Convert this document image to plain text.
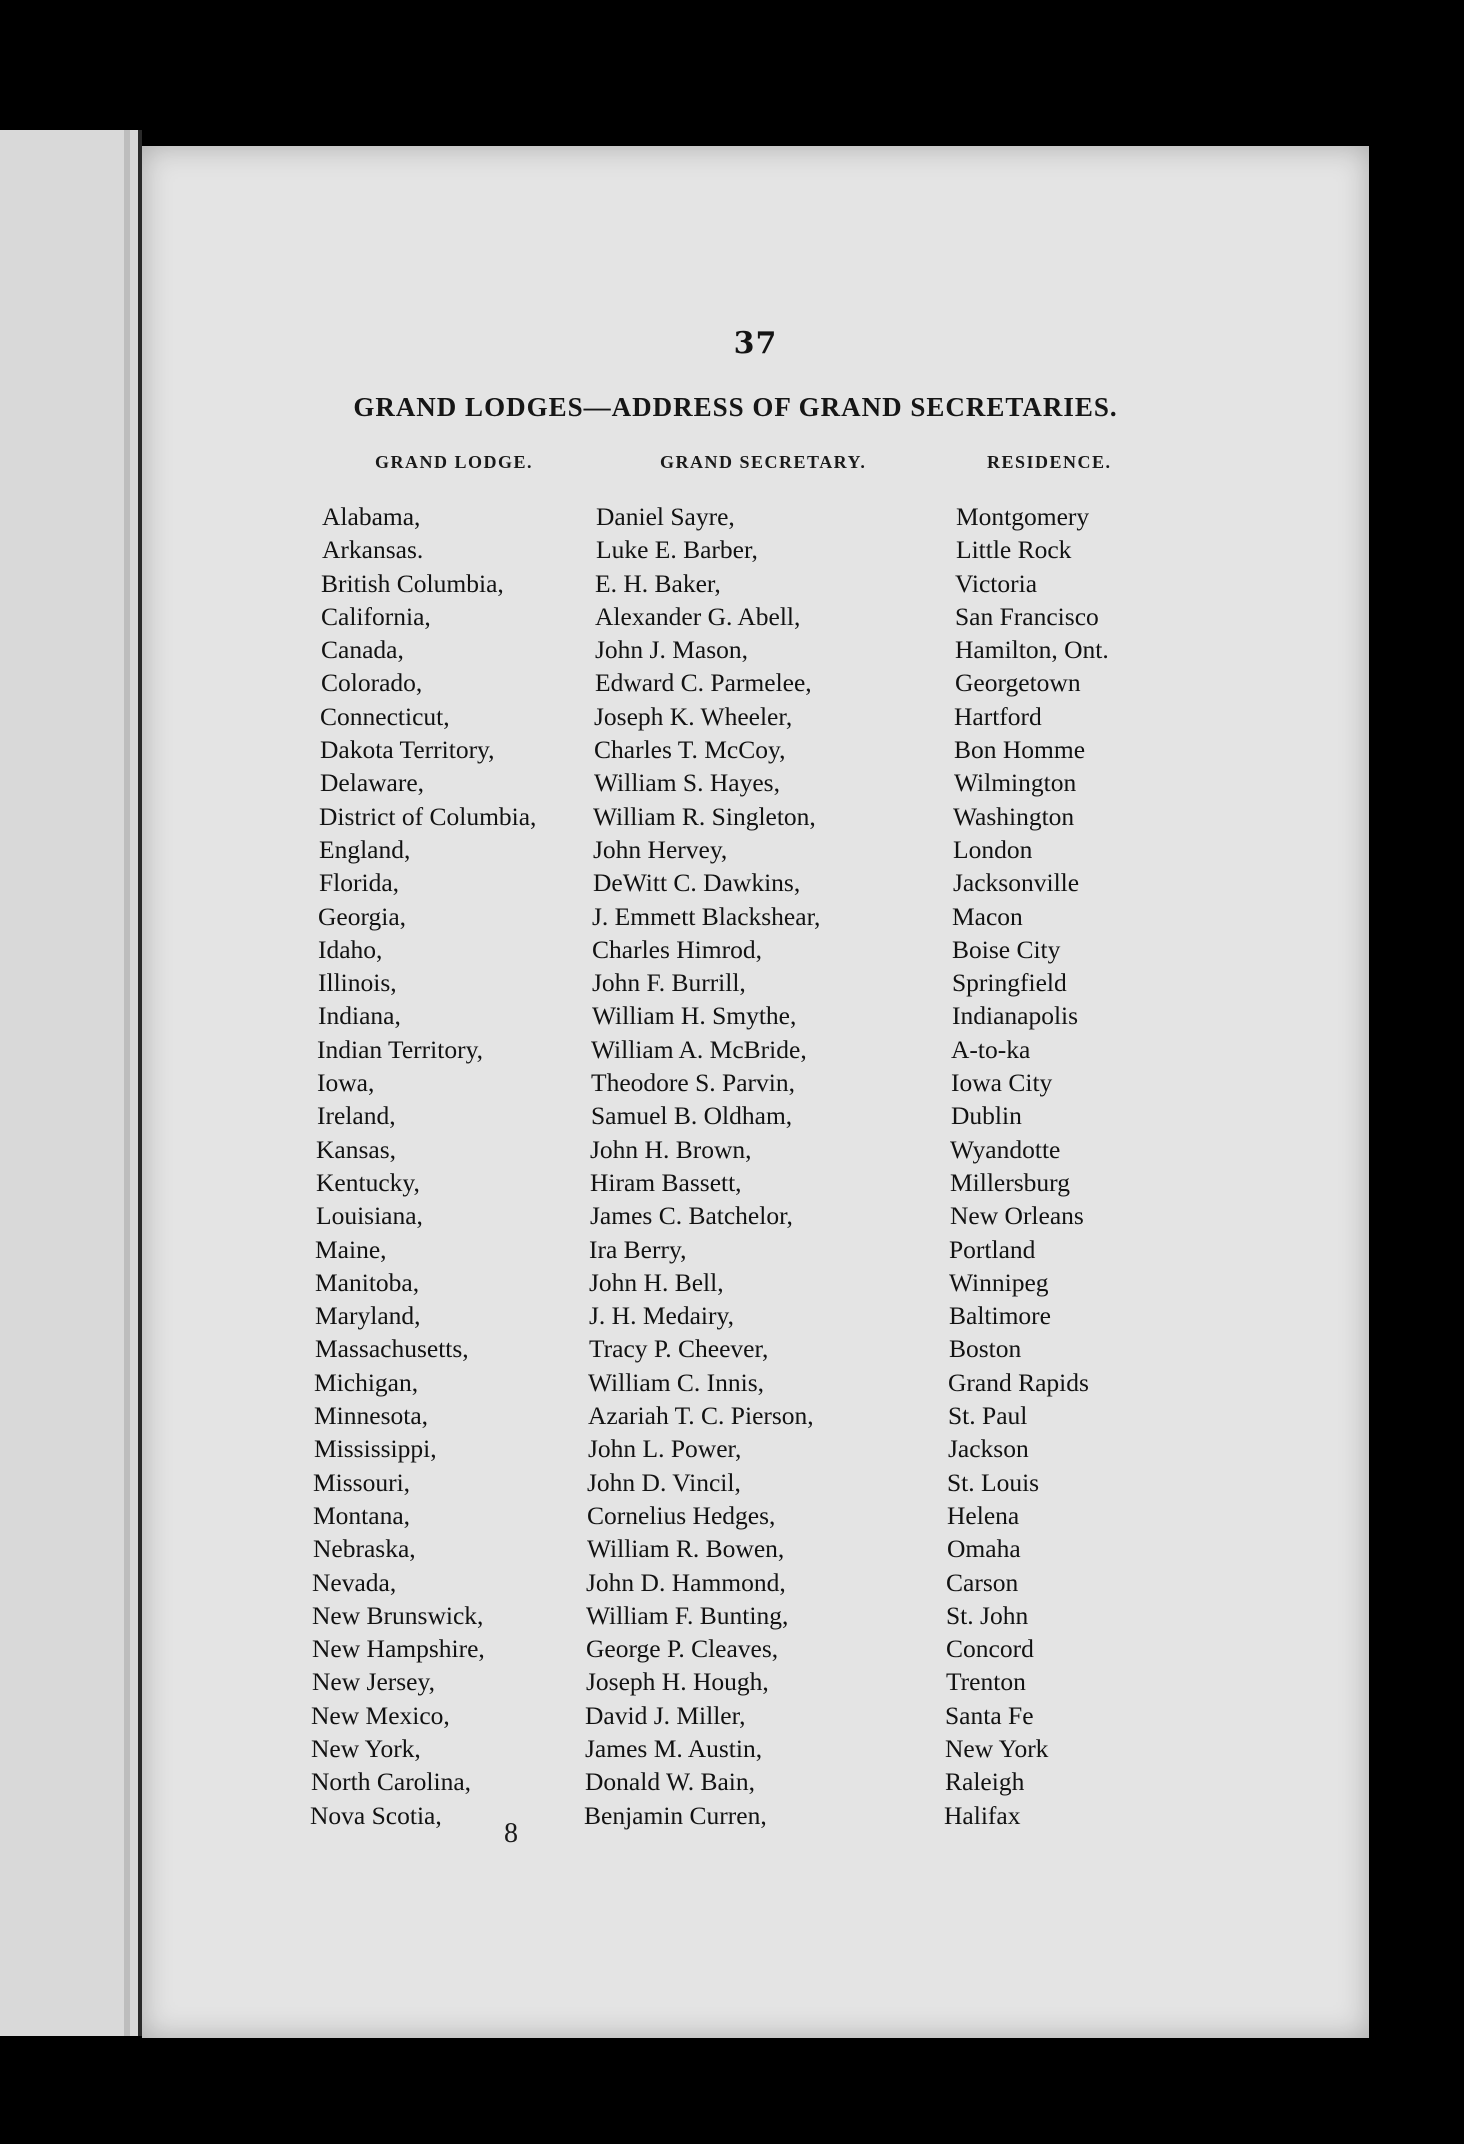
37
GRAND LODGES—ADDRESS OF GRAND SECRETARIES.
GRAND LODGE.	GRAND SECRETARY.	RESIDENCE.
Alabama,	Daniel Sayre,	Montgomery
Arkansas.	Luke E. Barber,	Little Rock
British Columbia,	E. H. Baker,	Victoria
California,	Alexander G. Abell,	San Francisco
Canada,	John J. Mason,	Hamilton, Ont.
Colorado,	Edward C. Parmelee,	Georgetown
Connecticut,	Joseph K. Wheeler,	Hartford
Dakota Territory,	Charles T. McCoy,	Bon Homme
Delaware,	William S. Hayes,	Wilmington
District of Columbia, William R. Singleton,	Washington
England,	John Hervey,	London
Florida,	DeWitt C. Dawkins,	Jacksonville
Georgia,	J. Emmett Blackshear,	Macon
Idaho,	Charles Himrod,	Boise City
Illinois,	John F. Burrill,	Springfield
Indiana,	William H. Smythe,	Indianapolis
Indian Territory,	William A. McBride,	A-to-ka
Iowa,	Theodore S. Parvin,	Iowa City
Ireland,	Samuel B. Oldham,	Dublin
Kansas,	John H. Brown,	Wyandotte
Kentucky,	Hiram Bassett,	Millersburg
Louisiana,	James C. Batchelor,	New Orleans
Maine,	Ira Berry,	Portland
Manitoba,	John H. Bell,	Winnipeg
Maryland,	J. H. Medairy,	Baltimore
Massachusetts,	Tracy P. Cheever,	Boston
Michigan,	William C. Innis,	Grand Rapids
Minnesota,	Azariah T. C. Pierson,	St. Paul
Mississippi,	John L. Power,	Jackson
Missouri,	John D. Vincil,	St. Louis
Montana,	Cornelius Hedges,	Helena
Nebraska,	William R. Bowen,	Omaha
Nevada,	John D. Hammond,	Carson
New Brunswick,	William F. Bunting,	St. John
New Hampshire,	George P. Cleaves,	Concord
New Jersey,	Joseph H. Hough,	Trenton
New Mexico,	David J. Miller,	Santa Fe
New York,	James M. Austin,	New York
North Carolina,	Donald W. Bain,	Raleigh
Nova Scotia,	Benjamin Curren,	Halifax
8
